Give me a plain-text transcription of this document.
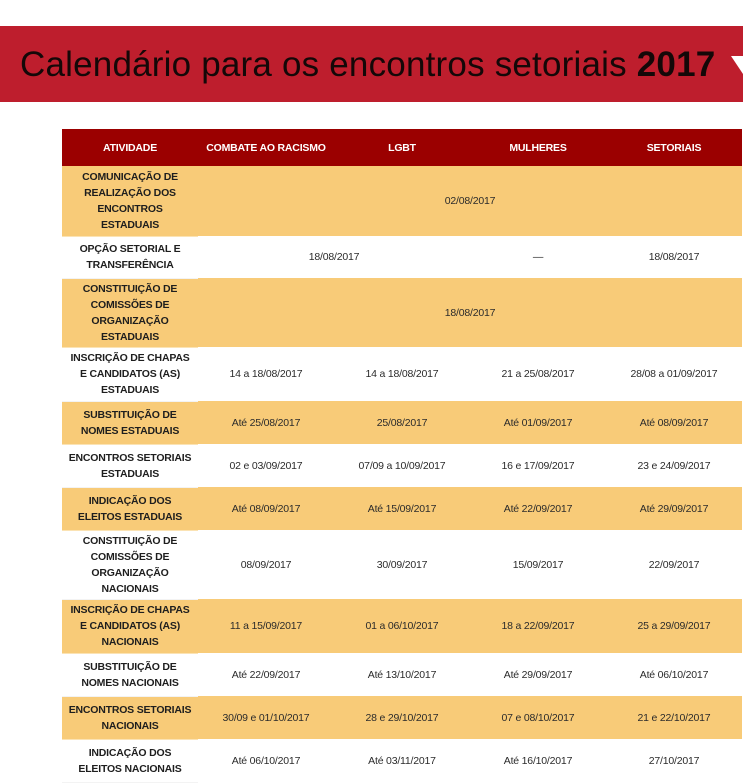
Calendário para os encontros setoriais 2017
ATIVIDADE	COMBATE AO RACISMO	LGBT	MULHERES	SETORIAIS
COMUNICAÇÃO DE REALIZAÇÃO DOS ENCONTROS ESTADUAIS	02/08/2017			
OPÇÃO SETORIAL E TRANSFERÊNCIA	18/08/2017		—	18/08/2017
CONSTITUIÇÃO DE COMISSÕES DE ORGANIZAÇÃO ESTADUAIS	18/08/2017			
INSCRIÇÃO DE CHAPAS E CANDIDATOS (AS) ESTADUAIS	14 a 18/08/2017	14 a 18/08/2017	21 a 25/08/2017	28/08 a 01/09/2017
SUBSTITUIÇÃO DE NOMES ESTADUAIS	Até 25/08/2017	25/08/2017	Até 01/09/2017	Até 08/09/2017
ENCONTROS SETORIAIS ESTADUAIS	02 e 03/09/2017	07/09 a 10/09/2017	16 e 17/09/2017	23 e 24/09/2017
INDICAÇÃO DOS ELEITOS ESTADUAIS	Até 08/09/2017	Até 15/09/2017	Até 22/09/2017	Até 29/09/2017
CONSTITUIÇÃO DE COMISSÕES DE ORGANIZAÇÃO NACIONAIS	08/09/2017	30/09/2017	15/09/2017	22/09/2017
INSCRIÇÃO DE CHAPAS E CANDIDATOS (AS) NACIONAIS	11 a 15/09/2017	01 a 06/10/2017	18 a 22/09/2017	25 a 29/09/2017
SUBSTITUIÇÃO DE NOMES NACIONAIS	Até 22/09/2017	Até 13/10/2017	Até 29/09/2017	Até 06/10/2017
ENCONTROS SETORIAIS NACIONAIS	30/09 e 01/10/2017	28 e 29/10/2017	07 e 08/10/2017	21 e 22/10/2017
INDICAÇÃO DOS ELEITOS NACIONAIS	Até 06/10/2017	Até 03/11/2017	Até 16/10/2017	27/10/2017
